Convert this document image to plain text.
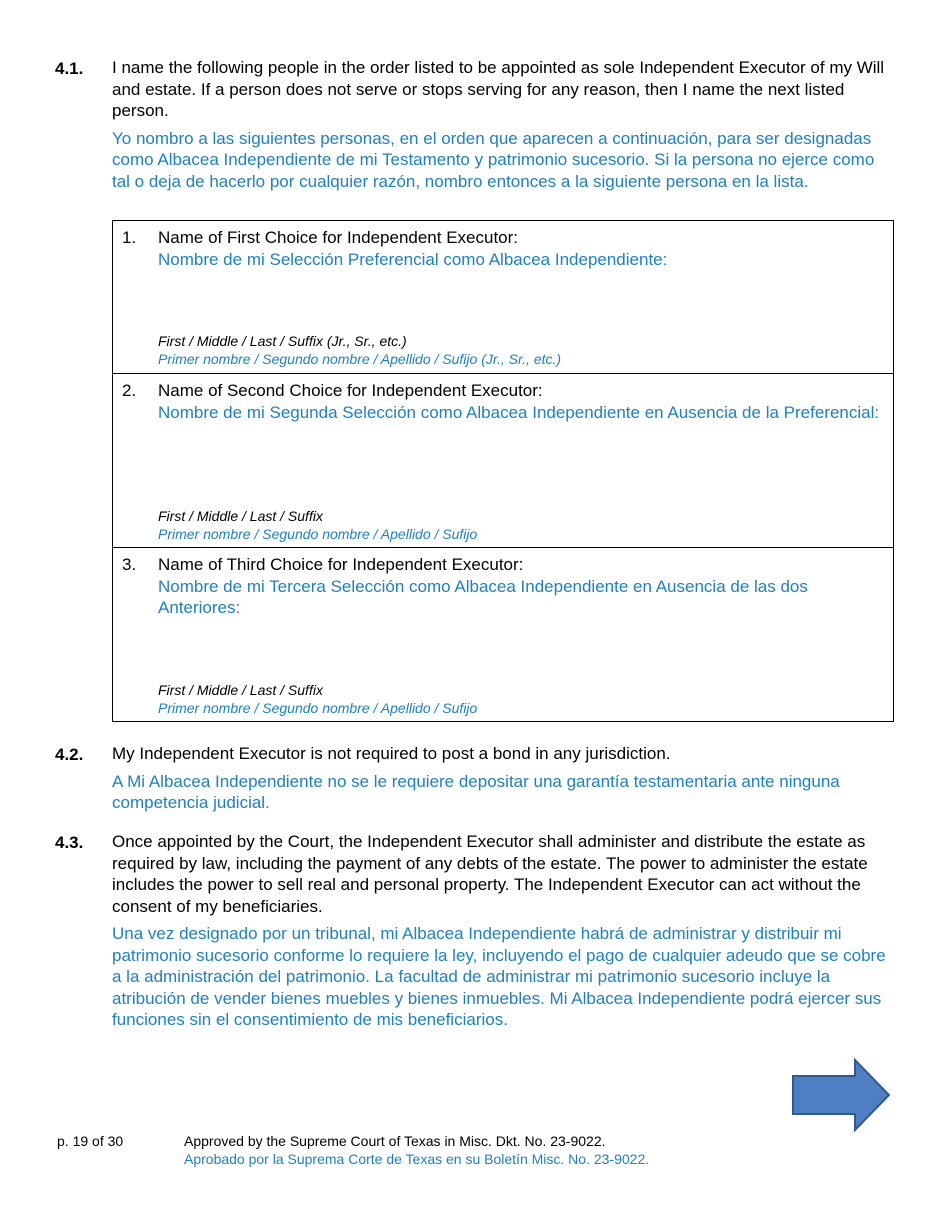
4.1. I name the following people in the order listed to be appointed as sole Independent Executor of my Will and estate. If a person does not serve or stops serving for any reason, then I name the next listed person.

Yo nombro a las siguientes personas, en el orden que aparecen a continuación, para ser designadas como Albacea Independiente de mi Testamento y patrimonio sucesorio. Si la persona no ejerce como tal o deja de hacerlo por cualquier razón, nombro entonces a la siguiente persona en la lista.

1. Name of First Choice for Independent Executor:

Nombre de mi Selección Preferencial como Albacea Independiente:

First / Middle / Last / Suffix (Jr., Sr., etc.)

Primer nombre / Segundo nombre / Apellido / Sufijo (Jr., Sr., etc.)

2. Name of Second Choice for Independent Executor:

Nombre de mi Segunda Selección como Albacea Independiente en Ausencia de la Preferencial:

First / Middle / Last / Suffix

Primer nombre / Segundo nombre / Apellido / Sufijo

3. Name of Third Choice for Independent Executor:

Nombre de mi Tercera Selección como Albacea Independiente en Ausencia de las dos Anteriores:

First / Middle / Last / Suffix

Primer nombre / Segundo nombre / Apellido / Sufijo

4.2. My Independent Executor is not required to post a bond in any jurisdiction.

A Mi Albacea Independiente no se le requiere depositar una garantía testamentaria ante ninguna competencia judicial.

4.3. Once appointed by the Court, the Independent Executor shall administer and distribute the estate as required by law, including the payment of any debts of the estate. The power to administer the estate includes the power to sell real and personal property. The Independent Executor can act without the consent of my beneficiaries.

Una vez designado por un tribunal, mi Albacea Independiente habrá de administrar y distribuir mi patrimonio sucesorio conforme lo requiere la ley, incluyendo el pago de cualquier adeudo que se cobre a la administración del patrimonio. La facultad de administrar mi patrimonio sucesorio incluye la atribución de vender bienes muebles y bienes inmuebles. Mi Albacea Independiente podrá ejercer sus funciones sin el consentimiento de mis beneficiarios.

p. 19 of 30	Approved by the Supreme Court of Texas in Misc. Dkt. No. 23-9022.

Aprobado por la Suprema Corte de Texas en su Boletín Misc. No. 23-9022.
